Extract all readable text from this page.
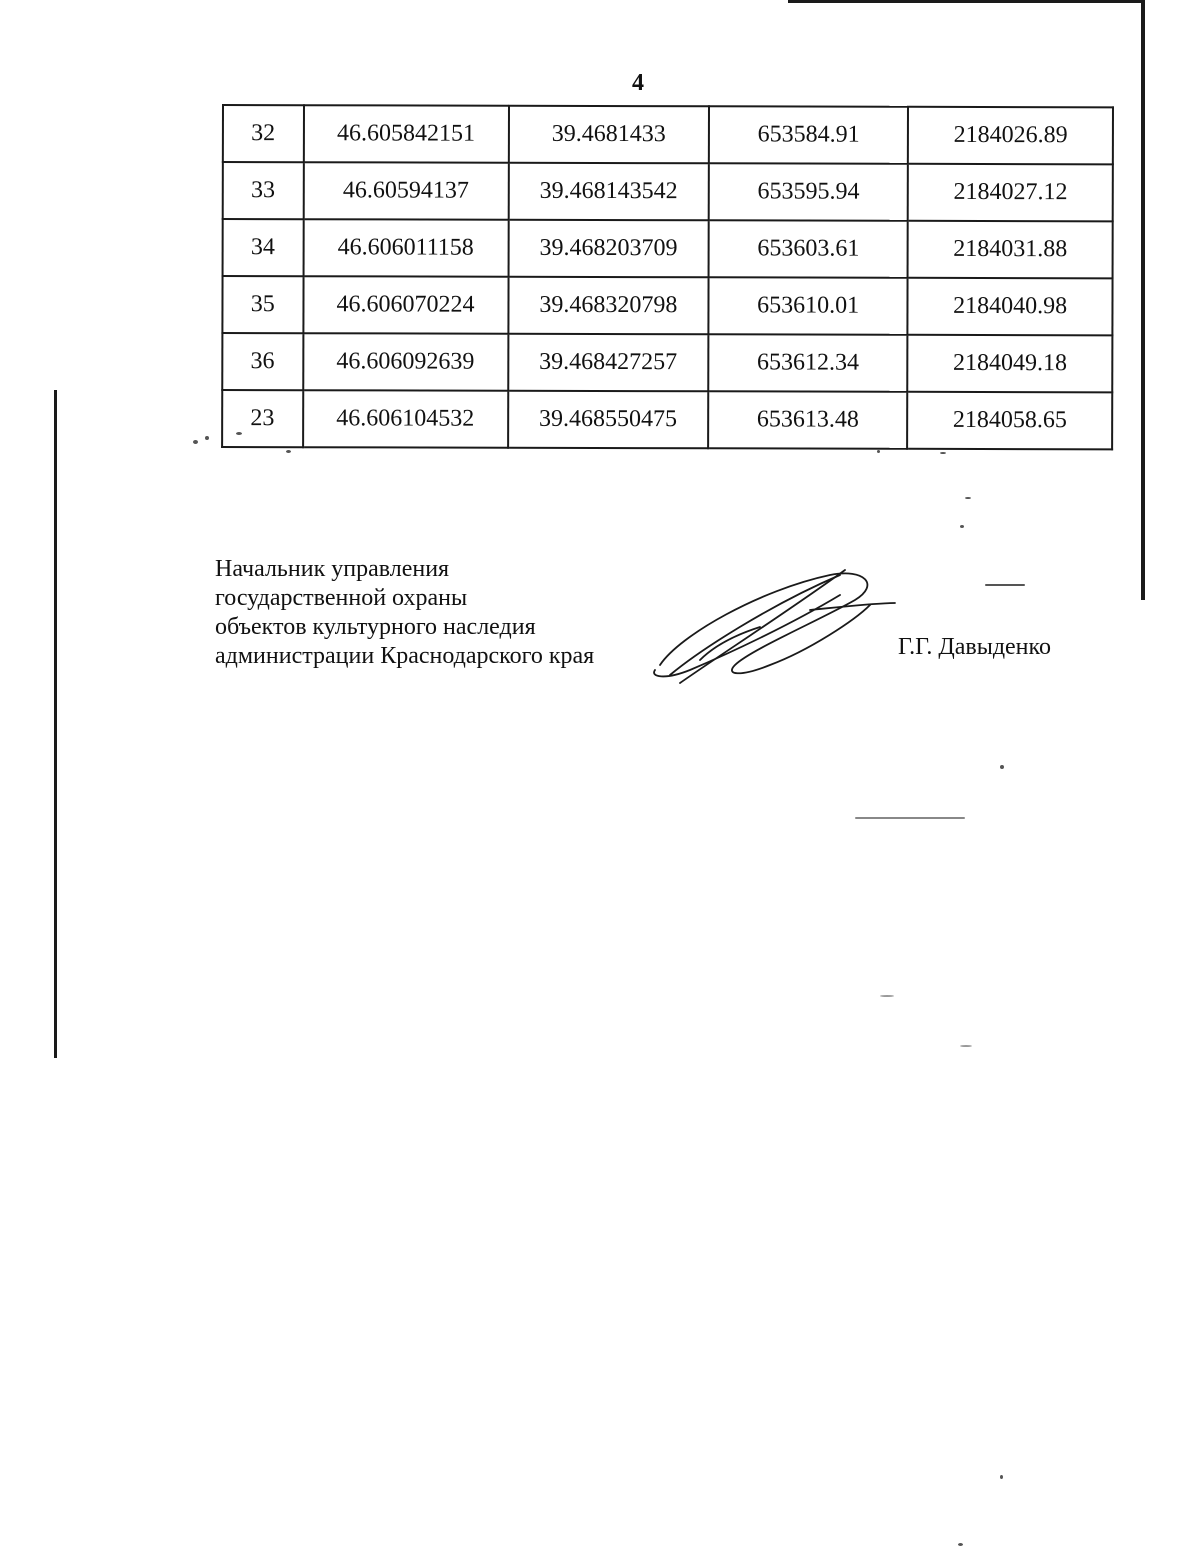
4
32	46.605842151	39.4681433	653584.91	2184026.89
33	46.60594137	39.468143542	653595.94	2184027.12
34	46.606011158	39.468203709	653603.61	2184031.88
35	46.606070224	39.468320798	653610.01	2184040.98
36	46.606092639	39.468427257	653612.34	2184049.18
23	46.606104532	39.468550475	653613.48	2184058.65
Начальник управления
государственной охраны
объектов культурного наследия
администрации Краснодарского края	Г.Г. Давыденко
